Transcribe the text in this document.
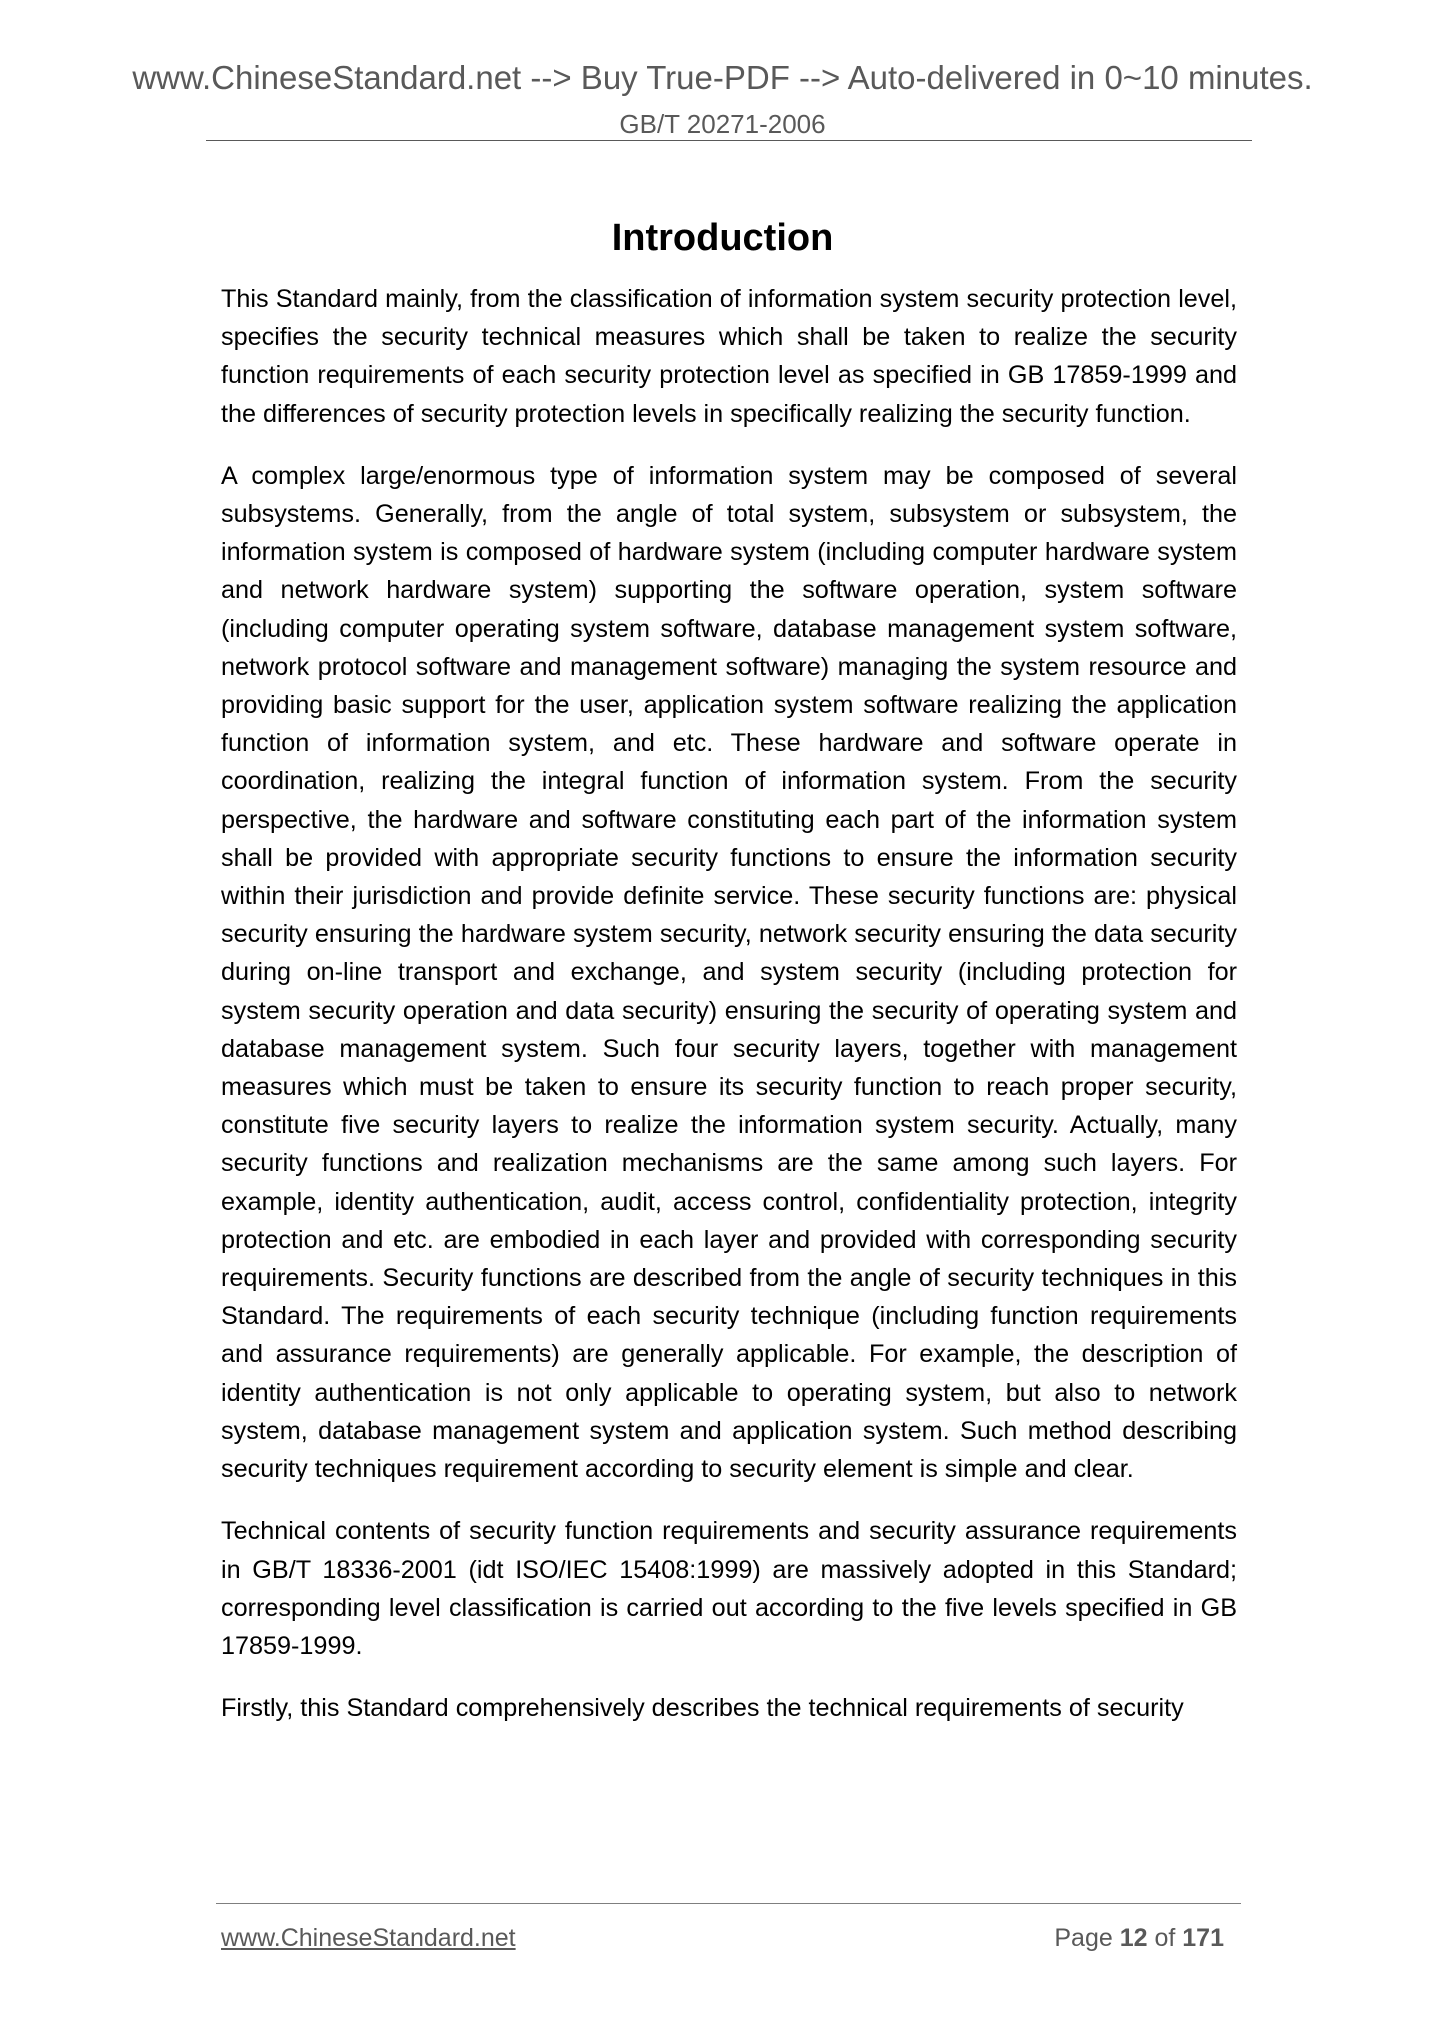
www.ChineseStandard.net --> Buy True-PDF --> Auto-delivered in 0~10 minutes.
GB/T 20271-2006
Introduction

This Standard mainly, from the classification of information system security protection level, specifies the security technical measures which shall be taken to realize the security function requirements of each security protection level as specified in GB 17859-1999 and the differences of security protection levels in specifically realizing the security function.

A complex large/enormous type of information system may be composed of several subsystems. Generally, from the angle of total system, subsystem or subsystem, the information system is composed of hardware system (including computer hardware system and network hardware system) supporting the software operation, system software (including computer operating system software, database management system software, network protocol software and management software) managing the system resource and providing basic support for the user, application system software realizing the application function of information system, and etc. These hardware and software operate in coordination, realizing the integral function of information system. From the security perspective, the hardware and software constituting each part of the information system shall be provided with appropriate security functions to ensure the information security within their jurisdiction and provide definite service. These security functions are: physical security ensuring the hardware system security, network security ensuring the data security during on-line transport and exchange, and system security (including protection for system security operation and data security) ensuring the security of operating system and database management system. Such four security layers, together with management measures which must be taken to ensure its security function to reach proper security, constitute five security layers to realize the information system security. Actually, many security functions and realization mechanisms are the same among such layers. For example, identity authentication, audit, access control, confidentiality protection, integrity protection and etc. are embodied in each layer and provided with corresponding security requirements. Security functions are described from the angle of security techniques in this Standard. The requirements of each security technique (including function requirements and assurance requirements) are generally applicable. For example, the description of identity authentication is not only applicable to operating system, but also to network system, database management system and application system. Such method describing security techniques requirement according to security element is simple and clear.

Technical contents of security function requirements and security assurance requirements in GB/T 18336-2001 (idt ISO/IEC 15408:1999) are massively adopted in this Standard; corresponding level classification is carried out according to the five levels specified in GB 17859-1999.

Firstly, this Standard comprehensively describes the technical requirements of security

www.ChineseStandard.net	Page 12 of 171
